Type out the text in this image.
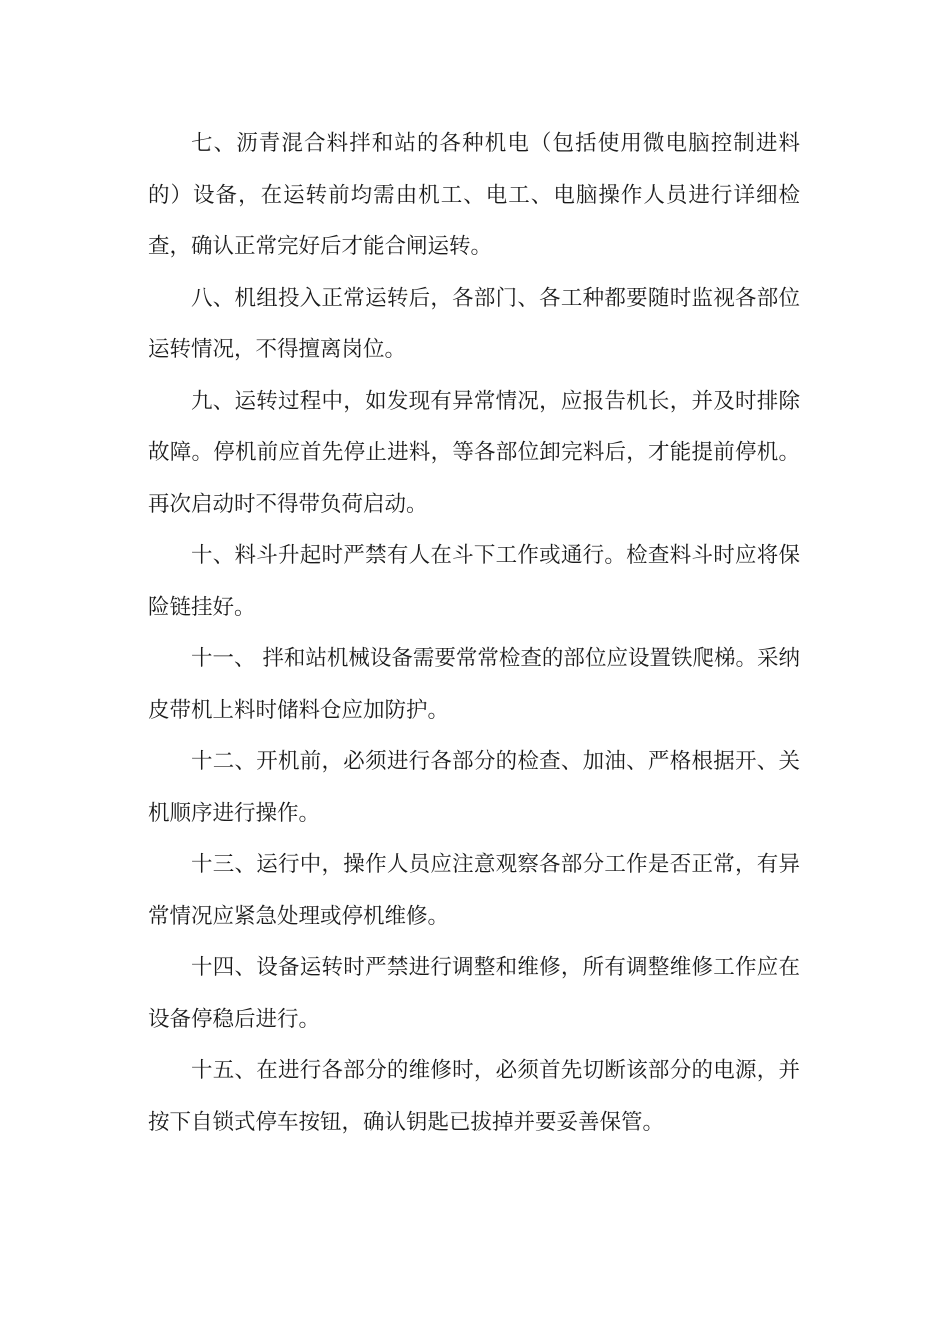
七、沥青混合料拌和站的各种机电（包括使用微电脑控制进料的）设备，在运转前均需由机工、电工、电脑操作人员进行详细检查，确认正常完好后才能合闸运转。

八、机组投入正常运转后，各部门、各工种都要随时监视各部位运转情况，不得擅离岗位。

九、运转过程中，如发现有异常情况，应报告机长，并及时排除故障。停机前应首先停止进料，等各部位卸完料后，才能提前停机。再次启动时不得带负荷启动。

十、料斗升起时严禁有人在斗下工作或通行。检查料斗时应将保险链挂好。

十一、 拌和站机械设备需要常常检查的部位应设置铁爬梯。采纳皮带机上料时储料仓应加防护。

十二、开机前，必须进行各部分的检查、加油、严格根据开、关机顺序进行操作。

十三、运行中，操作人员应注意观察各部分工作是否正常，有异常情况应紧急处理或停机维修。

十四、设备运转时严禁进行调整和维修，所有调整维修工作应在设备停稳后进行。

十五、在进行各部分的维修时，必须首先切断该部分的电源，并按下自锁式停车按钮，确认钥匙已拔掉并要妥善保管。
